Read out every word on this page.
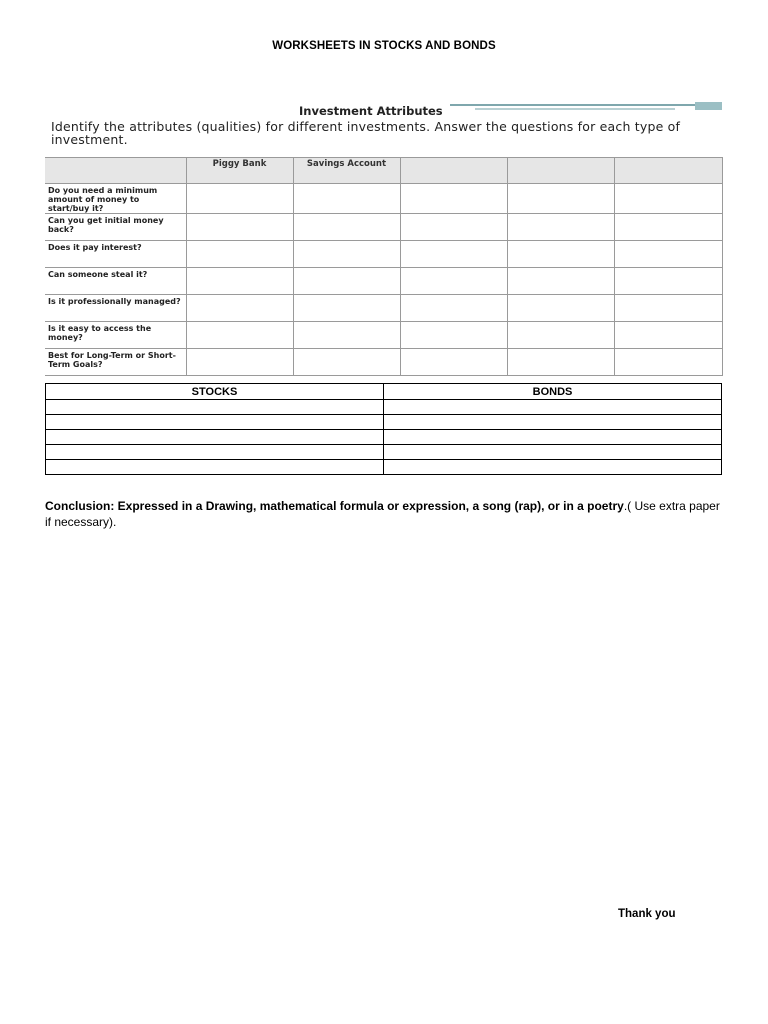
WORKSHEETS IN STOCKS AND BONDS
Investment Attributes
Identify the attributes (qualities) for different investments. Answer the questions for each type of investment.
	Piggy Bank	Savings Account			
Do you need a minimum amount of money to start/buy it?					
Can you get initial money back?					
Does it pay interest?					
Can someone steal it?					
Is it professionally managed?					
Is it easy to access the money?					
Best for Long-Term or Short-Term Goals?					
STOCKS	BONDS

Conclusion: Expressed in a Drawing, mathematical formula or expression, a song (rap), or in a poetry.( Use extra paper if necessary).
Thank you
